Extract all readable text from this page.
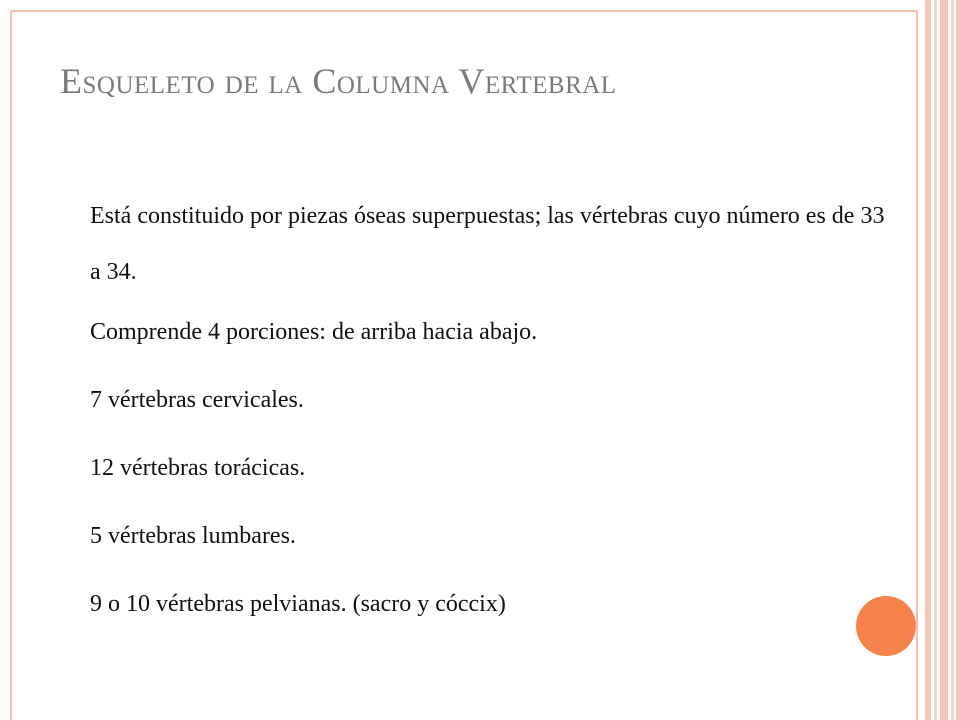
Esqueleto de la Columna Vertebral

Está constituido por piezas óseas superpuestas; las vértebras cuyo número es de 33 a 34.

Comprende 4 porciones: de arriba hacia abajo.

7 vértebras cervicales.

12 vértebras torácicas.

5 vértebras lumbares.

9 o 10 vértebras pelvianas. (sacro y cóccix)
